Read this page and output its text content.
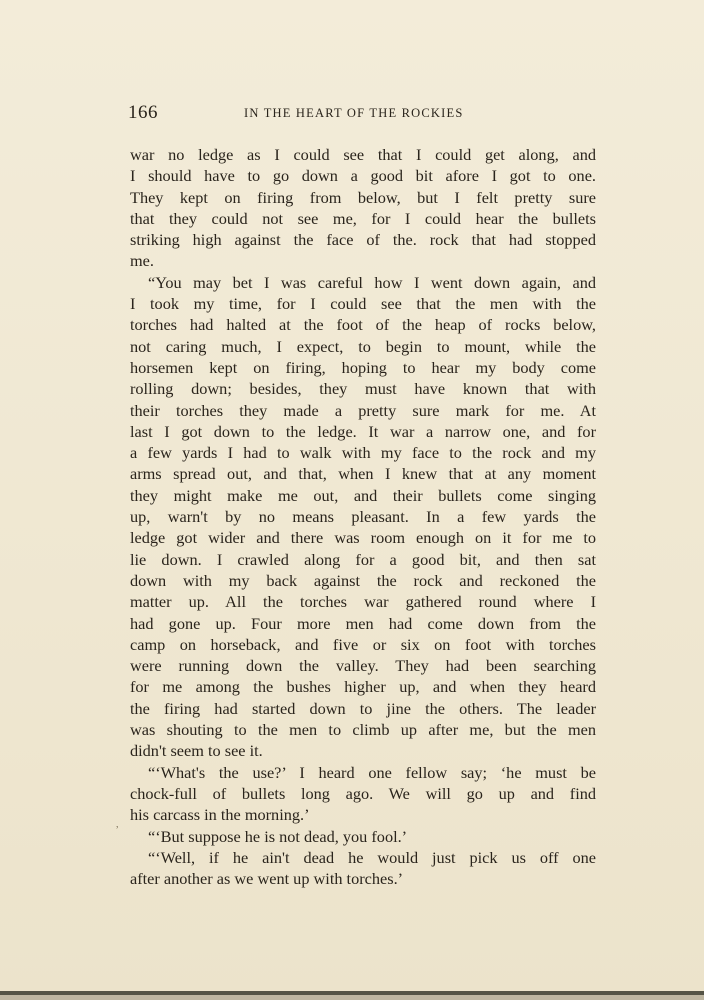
166	IN THE HEART OF THE ROCKIES
war no ledge as I could see that I could get along, and
I should have to go down a good bit afore I got to one.
They kept on firing from below, but I felt pretty sure
that they could not see me, for I could hear the bullets
striking high against the face of the. rock that had stopped
me.
“You may bet I was careful how I went down again, and
I took my time, for I could see that the men with the
torches had halted at the foot of the heap of rocks below,
not caring much, I expect, to begin to mount, while the
horsemen kept on firing, hoping to hear my body come
rolling down; besides, they must have known that with
their torches they made a pretty sure mark for me. At
last I got down to the ledge. It war a narrow one, and for
a few yards I had to walk with my face to the rock and my
arms spread out, and that, when I knew that at any moment
they might make me out, and their bullets come singing
up, warn't by no means pleasant. In a few yards the
ledge got wider and there was room enough on it for me to
lie down. I crawled along for a good bit, and then sat
down with my back against the rock and reckoned the
matter up. All the torches war gathered round where I
had gone up. Four more men had come down from the
camp on horseback, and five or six on foot with torches
were running down the valley. They had been searching
for me among the bushes higher up, and when they heard
the firing had started down to jine the others. The leader
was shouting to the men to climb up after me, but the men
didn't seem to see it.
“‘What's the use?’ I heard one fellow say; ‘he must be
chock-full of bullets long ago. We will go up and find
his carcass in the morning.’
“‘But suppose he is not dead, you fool.’
“‘Well, if he ain't dead he would just pick us off one
after another as we went up with torches.’
,
